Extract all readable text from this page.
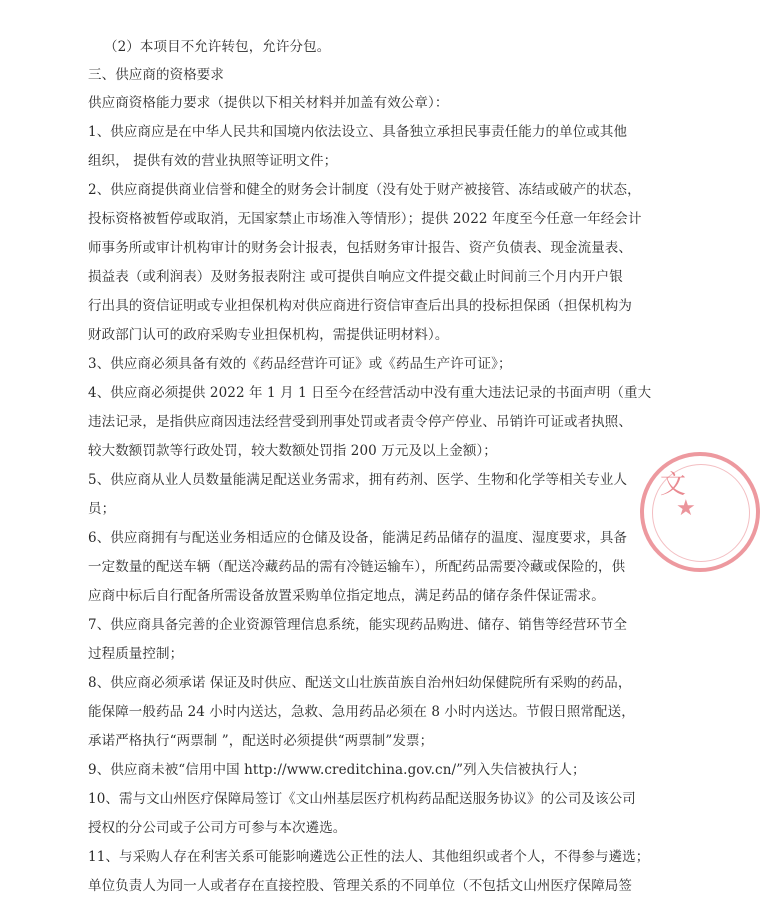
（2）本项目不允许转包，允许分包。
三、供应商的资格要求
供应商资格能力要求（提供以下相关材料并加盖有效公章）：
1、供应商应是在中华人民共和国境内依法设立、具备独立承担民事责任能力的单位或其他
组织， 提供有效的营业执照等证明文件；
2、供应商提供商业信誉和健全的财务会计制度（没有处于财产被接管、冻结或破产的状态，
投标资格被暂停或取消，无国家禁止市场准入等情形）；提供 2022 年度至今任意一年经会计
师事务所或审计机构审计的财务会计报表，包括财务审计报告、资产负债表、现金流量表、
损益表（或利润表）及财务报表附注 或可提供自响应文件提交截止时间前三个月内开户银
行出具的资信证明或专业担保机构对供应商进行资信审查后出具的投标担保函（担保机构为
财政部门认可的政府采购专业担保机构，需提供证明材料）。
3、供应商必须具备有效的《药品经营许可证》或《药品生产许可证》；
4、供应商必须提供 2022 年 1 月 1 日至今在经营活动中没有重大违法记录的书面声明（重大
违法记录，是指供应商因违法经营受到刑事处罚或者责令停产停业、吊销许可证或者执照、
较大数额罚款等行政处罚，较大数额处罚指 200 万元及以上金额）；
5、供应商从业人员数量能满足配送业务需求，拥有药剂、医学、生物和化学等相关专业人
员；
6、供应商拥有与配送业务相适应的仓储及设备，能满足药品储存的温度、湿度要求，具备
一定数量的配送车辆（配送冷藏药品的需有冷链运输车），所配药品需要冷藏或保险的，供
应商中标后自行配备所需设备放置采购单位指定地点，满足药品的储存条件保证需求。
7、供应商具备完善的企业资源管理信息系统，能实现药品购进、储存、销售等经营环节全
过程质量控制；
8、供应商必须承诺 保证及时供应、配送文山壮族苗族自治州妇幼保健院所有采购的药品，
能保障一般药品 24 小时内送达，急救、急用药品必须在 8 小时内送达。节假日照常配送，
承诺严格执行“两票制 ”，配送时必须提供“两票制”发票；
9、供应商未被“信用中国 http://www.creditchina.gov.cn/”列入失信被执行人；
10、需与文山州医疗保障局签订《文山州基层医疗机构药品配送服务协议》的公司及该公司
授权的分公司或子公司方可参与本次遴选。
11、与采购人存在利害关系可能影响遴选公正性的法人、其他组织或者个人，不得参与遴选；
单位负责人为同一人或者存在直接控股、管理关系的不同单位（不包括文山州医疗保障局签
文
★
